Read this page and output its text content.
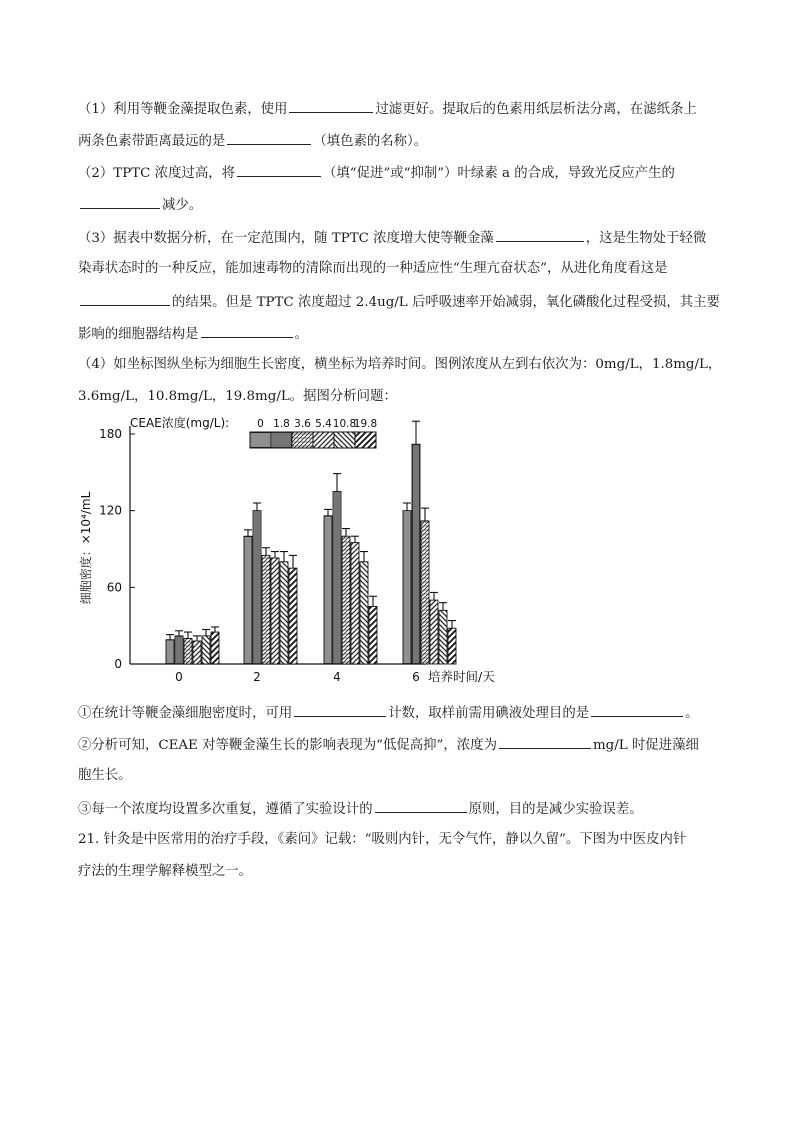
（1）利用等鞭金藻提取色素，使用	过滤更好。提取后的色素用纸层析法分离，在滤纸条上
两条色素带距离最远的是	（填色素的名称）。
（2）TPTC 浓度过高，将	（填“促进”或“抑制”）叶绿素 a 的合成，导致光反应产生的
减少。
（3）据表中数据分析，在一定范围内，随 TPTC 浓度增大使等鞭金藻	，这是生物处于轻微
染毒状态时的一种反应，能加速毒物的清除而出现的一种适应性“生理亢奋状态”，从进化角度看这是
的结果。但是 TPTC 浓度超过 2.4ug/L 后呼吸速率开始减弱，氧化磷酸化过程受损，其主要
影响的细胞器结构是	。
（4）如坐标图纵坐标为细胞生长密度，横坐标为培养时间。图例浓度从左到右依次为：0mg/L，1.8mg/L，
3.6mg/L，10.8mg/L，19.8mg/L。据图分析问题：
CEAE浓度(mg/L):	0 1.8 3.6 5.4 10.8
19.8
细胞密度：×10⁴/mL
培养时间/天
0
60
120
180
0	2	4	6
①在统计等鞭金藻细胞密度时，可用	计数，取样前需用碘液处理目的是	。
②分析可知，CEAE 对等鞭金藻生长的影响表现为“低促高抑”，浓度为	mg/L 时促进藻细
胞生长。
③每一个浓度均设置多次重复，遵循了实验设计的	原则，目的是减少实验误差。
21. 针灸是中医常用的治疗手段，《素问》记载：“吸则内针，无令气忤，静以久留”。下图为中医皮内针
疗法的生理学解释模型之一。
